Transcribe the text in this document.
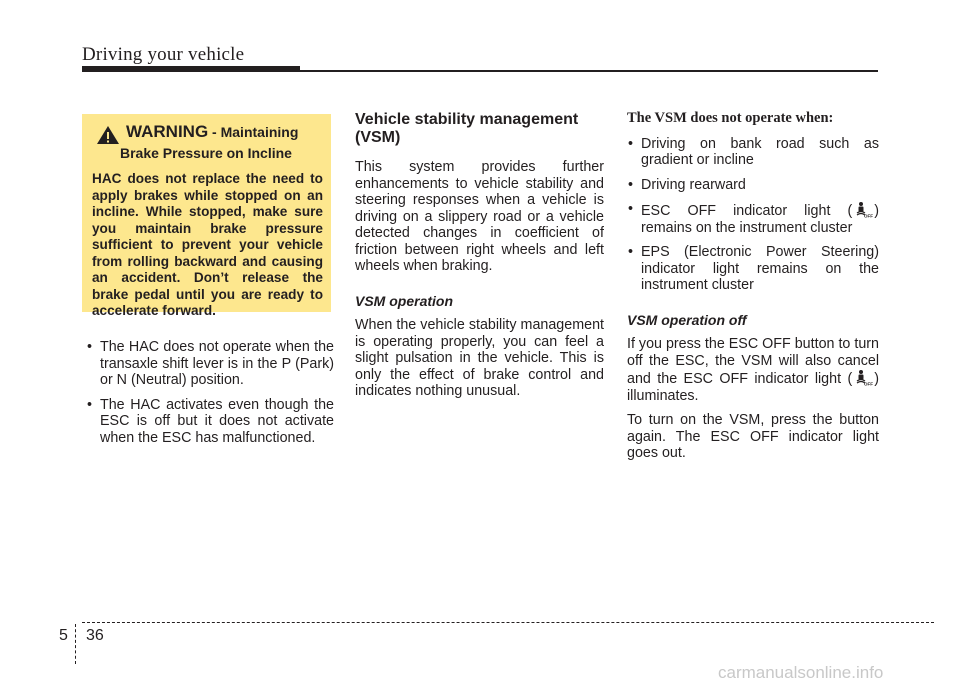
Driving your vehicle
WARNING - Maintaining
Brake Pressure on Incline
HAC does not replace the need to apply brakes while stopped on an incline. While stopped, make sure you maintain brake pressure sufficient to prevent your vehicle from rolling backward and causing an accident. Don’t release the brake pedal until you are ready to accelerate forward.
• The HAC does not operate when the transaxle shift lever is in the P (Park) or N (Neutral) position.
• The HAC activates even though the ESC is off but it does not activate when the ESC has malfunctioned.
Vehicle stability management (VSM)
This system provides further enhancements to vehicle stability and steering responses when a vehicle is driving on a slippery road or a vehicle detected changes in coefficient of friction between right wheels and left wheels when braking.
VSM operation
When the vehicle stability management is operating properly, you can feel a slight pulsation in the vehicle. This is only the effect of brake control and indicates nothing unusual.
The VSM does not operate when:
• Driving on bank road such as gradient or incline
• Driving rearward
• ESC OFF indicator light (	OFF ) remains on the instrument cluster
• EPS (Electronic Power Steering) indicator light remains on the instrument cluster
VSM operation off
If you press the ESC OFF button to turn off the ESC, the VSM will also cancel and the ESC OFF indicator light (	OFF ) illuminates.
To turn on the VSM, press the button again. The ESC OFF indicator light goes out.
5 36
carmanualsonline.info
